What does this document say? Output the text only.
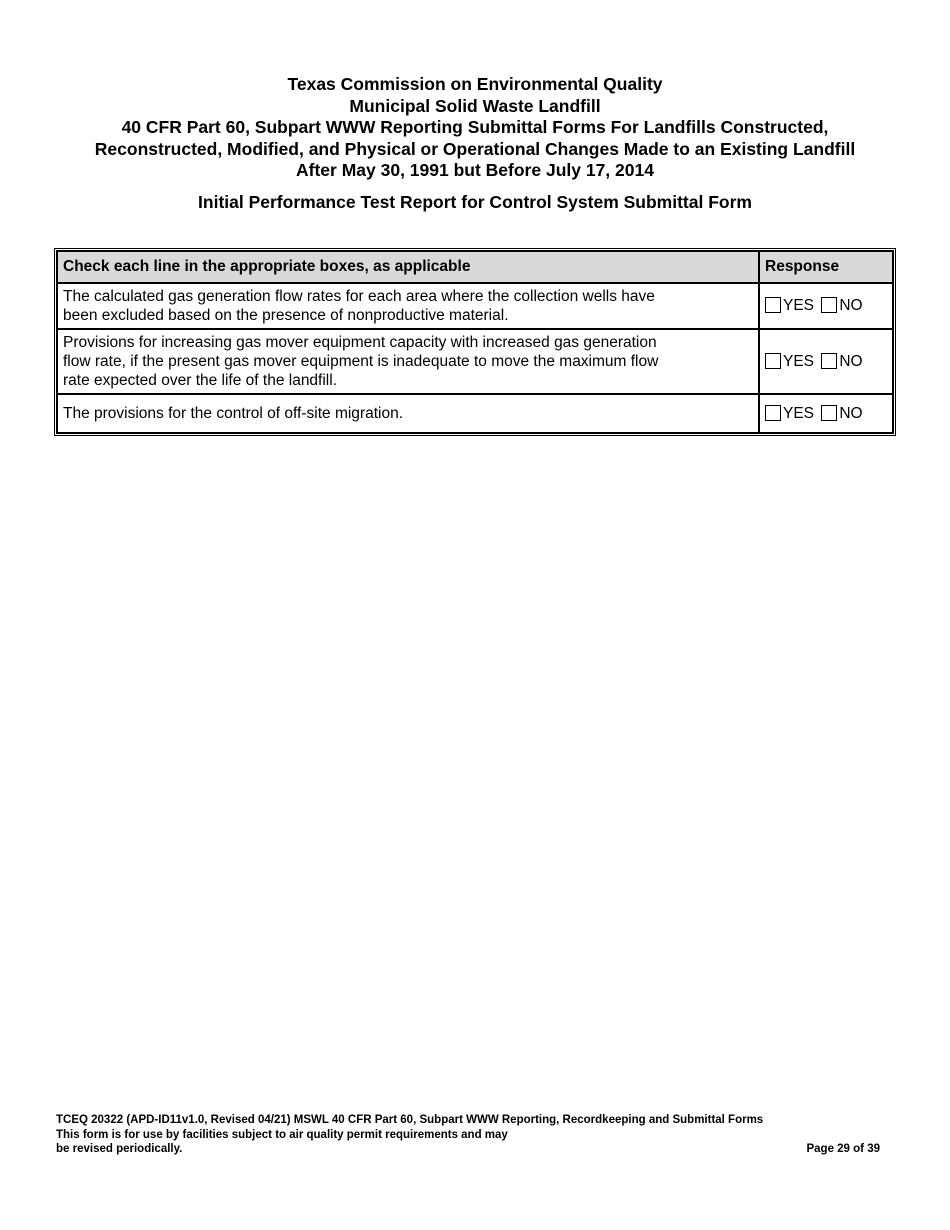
Texas Commission on Environmental Quality
Municipal Solid Waste Landfill
40 CFR Part 60, Subpart WWW Reporting Submittal Forms For Landfills Constructed,
Reconstructed, Modified, and Physical or Operational Changes Made to an Existing Landfill
After May 30, 1991 but Before July 17, 2014
Initial Performance Test Report for Control System Submittal Form
Check each line in the appropriate boxes, as applicable	Response
The calculated gas generation flow rates for each area where the collection wells have
been excluded based on the presence of nonproductive material.	YES NO
Provisions for increasing gas mover equipment capacity with increased gas generation
flow rate, if the present gas mover equipment is inadequate to move the maximum flow
rate expected over the life of the landfill.	YES NO
The provisions for the control of off-site migration.	YES NO
TCEQ 20322 (APD-ID11v1.0, Revised 04/21) MSWL 40 CFR Part 60, Subpart WWW Reporting, Recordkeeping and Submittal Forms
This form is for use by facilities subject to air quality permit requirements and may
be revised periodically.	Page 29 of 39
